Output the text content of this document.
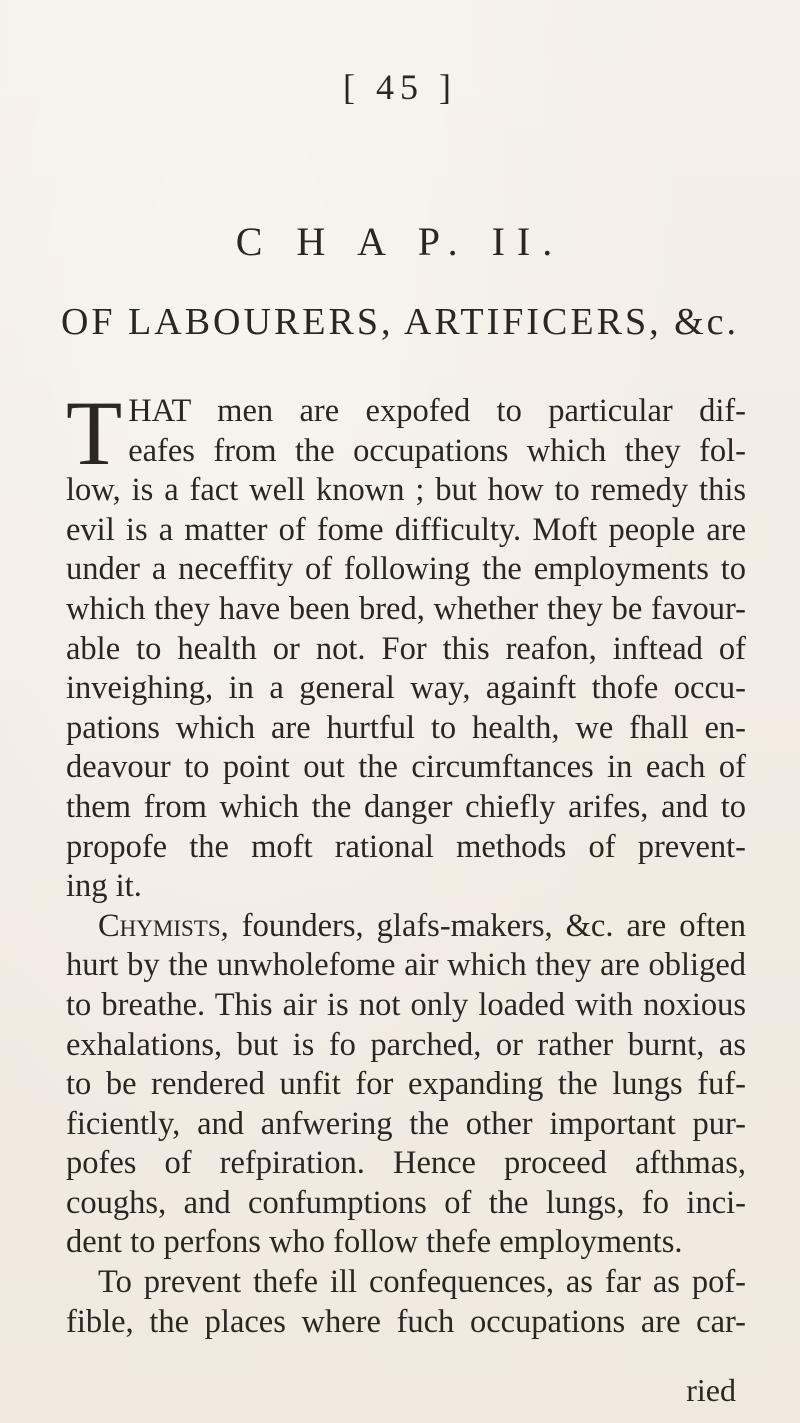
[ 45 ]
C H A P. II.
OF LABOURERS, ARTIFICERS, &c.
T HAT men are expofed to particular dif-
eafes from the occupations which they fol-
low, is a fact well known ; but how to remedy this
evil is a matter of fome difficulty. Moft people are
under a neceffity of following the employments to
which they have been bred, whether they be favour-
able to health or not. For this reafon, inftead of
inveighing, in a general way, againft thofe occu-
pations which are hurtful to health, we fhall en-
deavour to point out the circumftances in each of
them from which the danger chiefly arifes, and to
propofe the moft rational methods of prevent-
ing it.
Chymists, founders, glafs-makers, &c. are often
hurt by the unwholefome air which they are obliged
to breathe. This air is not only loaded with noxious
exhalations, but is fo parched, or rather burnt, as
to be rendered unfit for expanding the lungs fuf-
ficiently, and anfwering the other important pur-
pofes of refpiration. Hence proceed afthmas,
coughs, and confumptions of the lungs, fo inci-
dent to perfons who follow thefe employments.
To prevent thefe ill confequences, as far as pof-
fible, the places where fuch occupations are car-
ried
